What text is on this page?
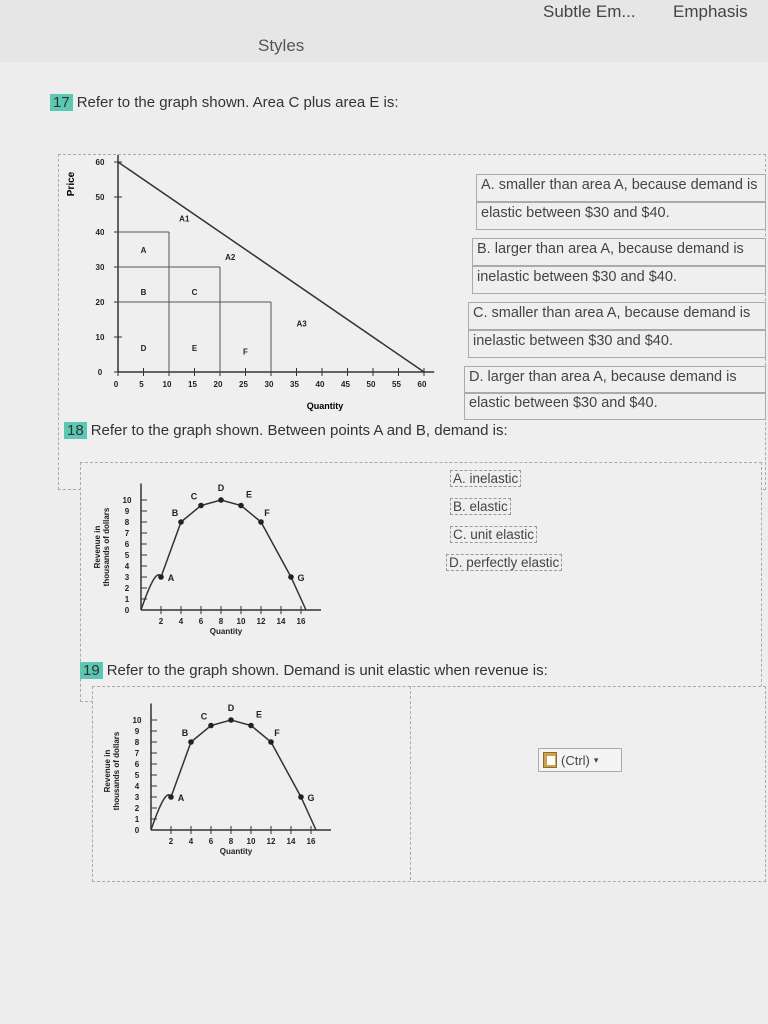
Subtle Em... Emphasis
Styles
17 Refer to the graph shown. Area C plus area E is:
Price
60
50
40
30
20
10
0
0	5 10 15 20 25 30 35 40 45 50 55 60
A1
A
A2
B	C
A3
D	E	F
Quantity
A. smaller than area A, because demand is
elastic between $30 and $40.
B. larger than area A, because demand is
inelastic between $30 and $40.
C. smaller than area A, because demand is
inelastic between $30 and $40.
D. larger than area A, because demand is
elastic between $30 and $40.
18 Refer to the graph shown. Between points A and B, demand is:
Revenue in thousands of dollars
10
9
8
7
6
5
4
3
2
1
0
2 4 6 8 10 12 14 16
Quantity
A
B
C
D
E
F
G
A. inelastic
B. elastic
C. unit elastic
D. perfectly elastic
19 Refer to the graph shown. Demand is unit elastic when revenue is:
Revenue in thousands of dollars
10
9
8
7
6
5
4
3
2
1
0
2 4 6 8 10 12 14 16
Quantity
A
B
C
D
E
F
G
(Ctrl) ▾
